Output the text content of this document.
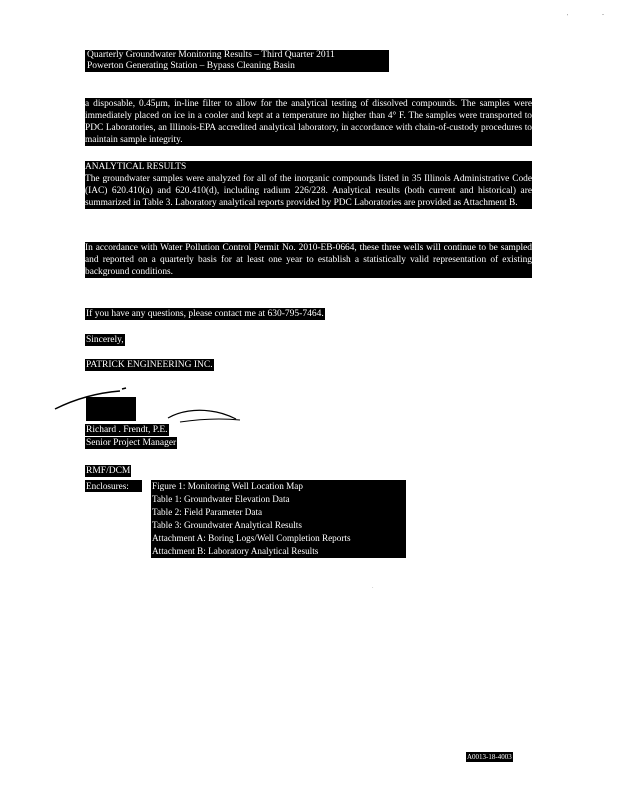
'	‑
Quarterly Groundwater Monitoring Results – Third Quarter 2011
Powerton Generating Station – Bypass Cleaning Basin

a disposable, 0.45μm, in-line filter to allow for the analytical testing of dissolved compounds. The samples were immediately placed on ice in a cooler and kept at a temperature no higher than 4° F. The samples were transported to PDC Laboratories, an Illinois-EPA accredited analytical laboratory, in accordance with chain-of-custody procedures to maintain sample integrity.

ANALYTICAL RESULTS

The groundwater samples were analyzed for all of the inorganic compounds listed in 35 Illinois Administrative Code (IAC) 620.410(a) and 620.410(d), including radium 226/228. Analytical results (both current and historical) are summarized in Table 3. Laboratory analytical reports provided by PDC Laboratories are provided as Attachment B.

In accordance with Water Pollution Control Permit No. 2010-EB-0664, these three wells will continue to be sampled and reported on a quarterly basis for at least one year to establish a statistically valid representation of existing background conditions.

If you have any questions, please contact me at 630-795-7464.
Sincerely,
PATRICK ENGINEERING INC.
Richard . Frendt, P.E.
Senior Project Manager
RMF/DCM
Enclosures:	Figure 1: Monitoring Well Location Map
Table 1: Groundwater Elevation Data
Table 2: Field Parameter Data
Table 3: Groundwater Analytical Results
Attachment A: Boring Logs/Well Completion Reports
Attachment B: Laboratory Analytical Results
.
A0013-18-4003
